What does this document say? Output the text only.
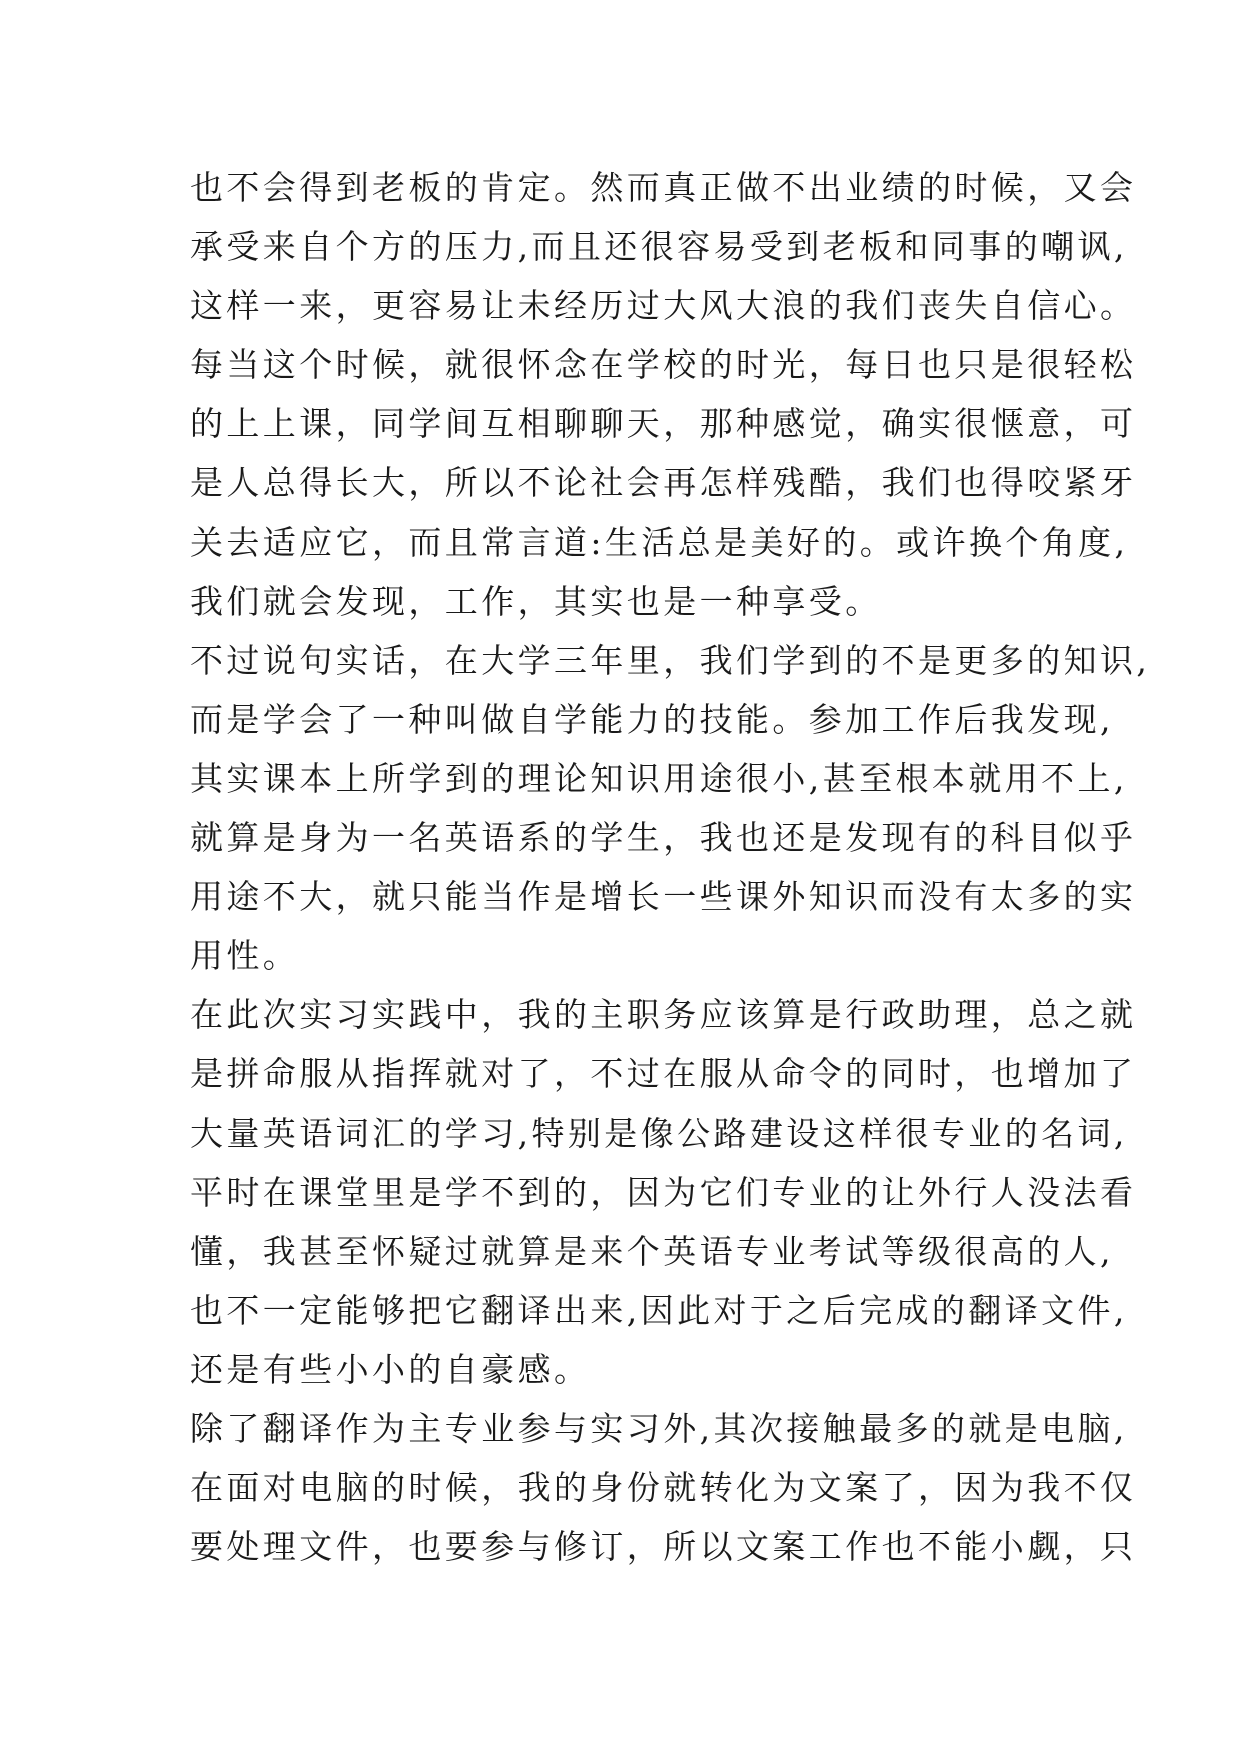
也不会得到老板的肯定。然而真正做不出业绩的时候，又会
承受来自个方的压力,而且还很容易受到老板和同事的嘲讽,
这样一来，更容易让未经历过大风大浪的我们丧失自信心。
每当这个时候，就很怀念在学校的时光，每日也只是很轻松
的上上课，同学间互相聊聊天，那种感觉，确实很惬意，可
是人总得长大，所以不论社会再怎样残酷，我们也得咬紧牙
关去适应它，而且常言道:生活总是美好的。或许换个角度,
我们就会发现，工作，其实也是一种享受。
不过说句实话，在大学三年里，我们学到的不是更多的知识,
而是学会了一种叫做自学能力的技能。参加工作后我发现,
其实课本上所学到的理论知识用途很小,甚至根本就用不上,
就算是身为一名英语系的学生，我也还是发现有的科目似乎
用途不大，就只能当作是增长一些课外知识而没有太多的实
用性。
在此次实习实践中，我的主职务应该算是行政助理，总之就
是拼命服从指挥就对了，不过在服从命令的同时，也增加了
大量英语词汇的学习,特别是像公路建设这样很专业的名词,
平时在课堂里是学不到的，因为它们专业的让外行人没法看
懂，我甚至怀疑过就算是来个英语专业考试等级很高的人,
也不一定能够把它翻译出来,因此对于之后完成的翻译文件,
还是有些小小的自豪感。
除了翻译作为主专业参与实习外,其次接触最多的就是电脑,
在面对电脑的时候，我的身份就转化为文案了，因为我不仅
要处理文件，也要参与修订，所以文案工作也不能小觑，只
